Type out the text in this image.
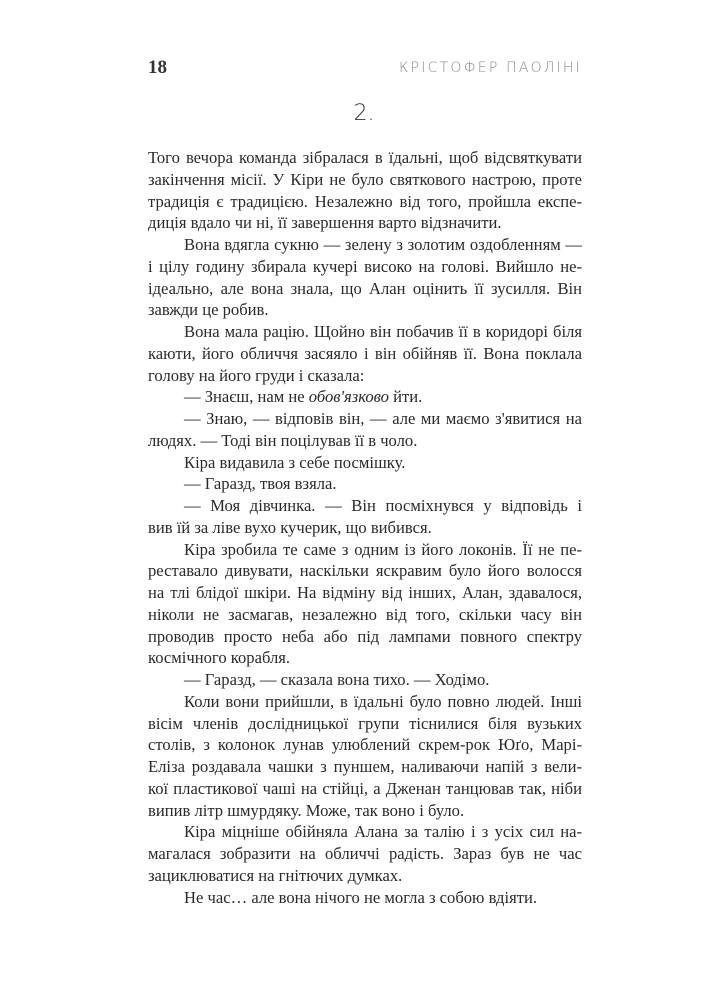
18	КРІСТОФЕР ПАОЛІНІ
2.
Того вечора команда зібралася в їдальні, щоб відсвяткувати
закінчення місії. У Кіри не було святкового настрою, проте
традиція є традицією. Незалежно від того, пройшла експе-
диція вдало чи ні, її завершення варто відзначити.
Вона вдягла сукню — зелену з золотим оздобленням —
і цілу годину збирала кучері високо на голові. Вийшло не-
ідеально, але вона знала, що Алан оцінить її зусилля. Він
завжди це робив.
Вона мала рацію. Щойно він побачив її в коридорі біля
каюти, його обличчя засяяло і він обійняв її. Вона поклала
голову на його груди і сказала:
— Знаєш, нам не обов'язково йти.
— Знаю, — відповів він, — але ми маємо з'явитися на
людях. — Тоді він поцілував її в чоло.
Кіра видавила з себе посмішку.
— Гаразд, твоя взяла.
— Моя дівчинка. — Він посміхнувся у відповідь і
вив їй за ліве вухо кучерик, що вибився.
Кіра зробила те саме з одним із його локонів. Її не пе-
реставало дивувати, наскільки яскравим було його волосся
на тлі блідої шкіри. На відміну від інших, Алан, здавалося,
ніколи не засмагав, незалежно від того, скільки часу він
проводив просто неба або під лампами повного спектру
космічного корабля.
— Гаразд, — сказала вона тихо. — Ходімо.
Коли вони прийшли, в їдальні було повно людей. Інші
вісім членів дослідницької групи тіснилися біля вузьких
столів, з колонок лунав улюблений скрем-рок Юґо, Марі-
Еліза роздавала чашки з пуншем, наливаючи напій з вели-
кої пластикової чаші на стійці, а Дженан танцював так, ніби
випив літр шмурдяку. Може, так воно і було.
Кіра міцніше обійняла Алана за талію і з усіх сил на-
магалася зобразити на обличчі радість. Зараз був не час
зациклюватися на гнітючих думках.
Не час… але вона нічого не могла з собою вдіяти.
